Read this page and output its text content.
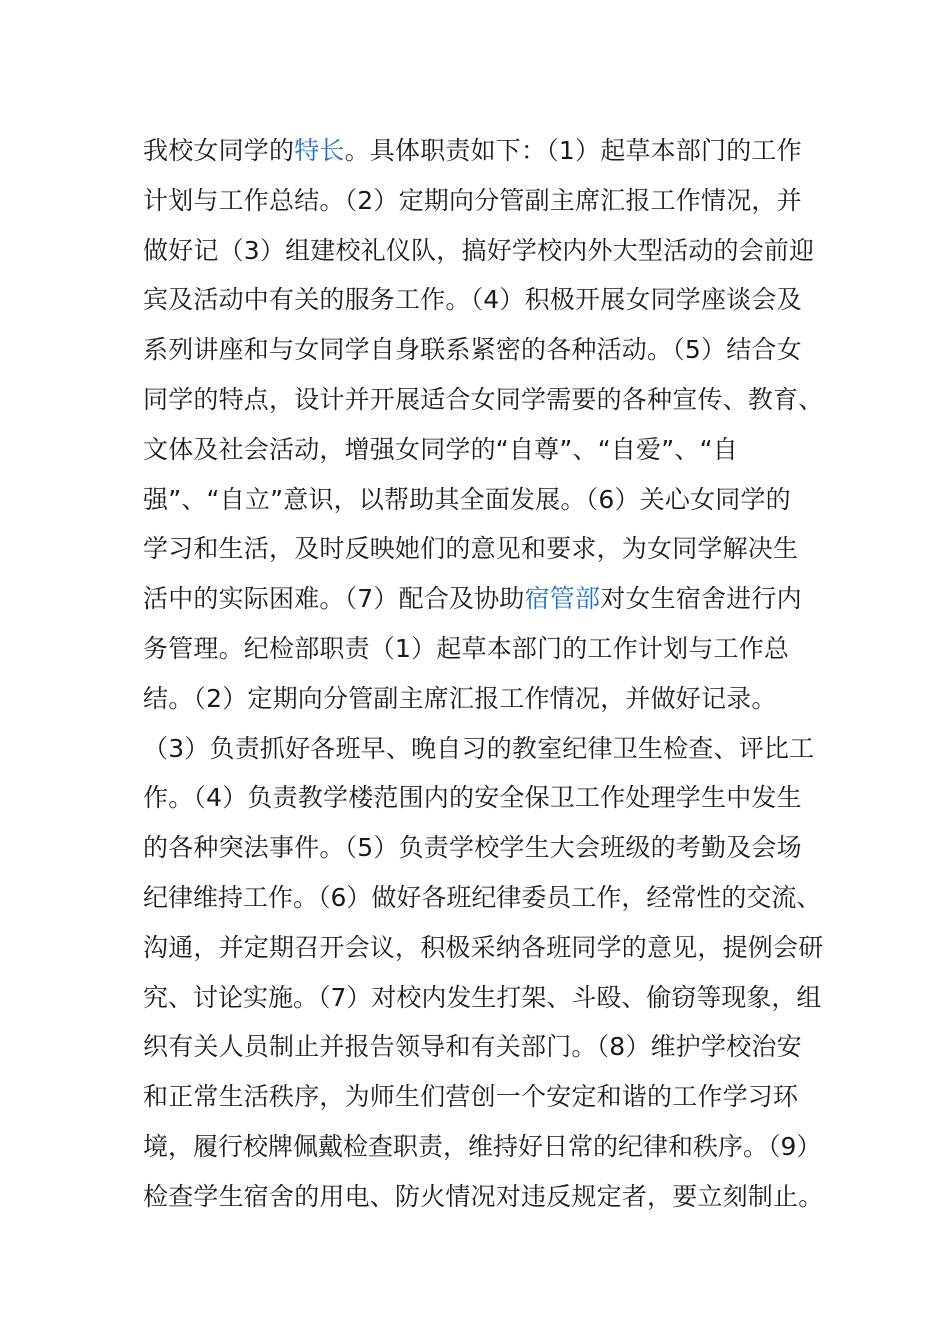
我校女同学的特长。具体职责如下：（1）起草本部门的工作
计划与工作总结。（2）定期向分管副主席汇报工作情况，并
做好记（3）组建校礼仪队，搞好学校内外大型活动的会前迎
宾及活动中有关的服务工作。（4）积极开展女同学座谈会及
系列讲座和与女同学自身联系紧密的各种活动。（5）结合女
同学的特点，设计并开展适合女同学需要的各种宣传、教育、
文体及社会活动，增强女同学的“自尊”、“自爱”、“自
强”、“自立”意识，以帮助其全面发展。（6）关心女同学的
学习和生活，及时反映她们的意见和要求，为女同学解决生
活中的实际困难。（7）配合及协助宿管部对女生宿舍进行内
务管理。纪检部职责（1）起草本部门的工作计划与工作总
结。（2）定期向分管副主席汇报工作情况，并做好记录。
（3）负责抓好各班早、晚自习的教室纪律卫生检查、评比工
作。（4）负责教学楼范围内的安全保卫工作处理学生中发生
的各种突法事件。（5）负责学校学生大会班级的考勤及会场
纪律维持工作。（6）做好各班纪律委员工作，经常性的交流、
沟通，并定期召开会议，积极采纳各班同学的意见，提例会研
究、讨论实施。（7）对校内发生打架、斗殴、偷窃等现象，组
织有关人员制止并报告领导和有关部门。（8）维护学校治安
和正常生活秩序，为师生们营创一个安定和谐的工作学习环
境，履行校牌佩戴检查职责，维持好日常的纪律和秩序。（9）
检查学生宿舍的用电、防火情况对违反规定者，要立刻制止。
